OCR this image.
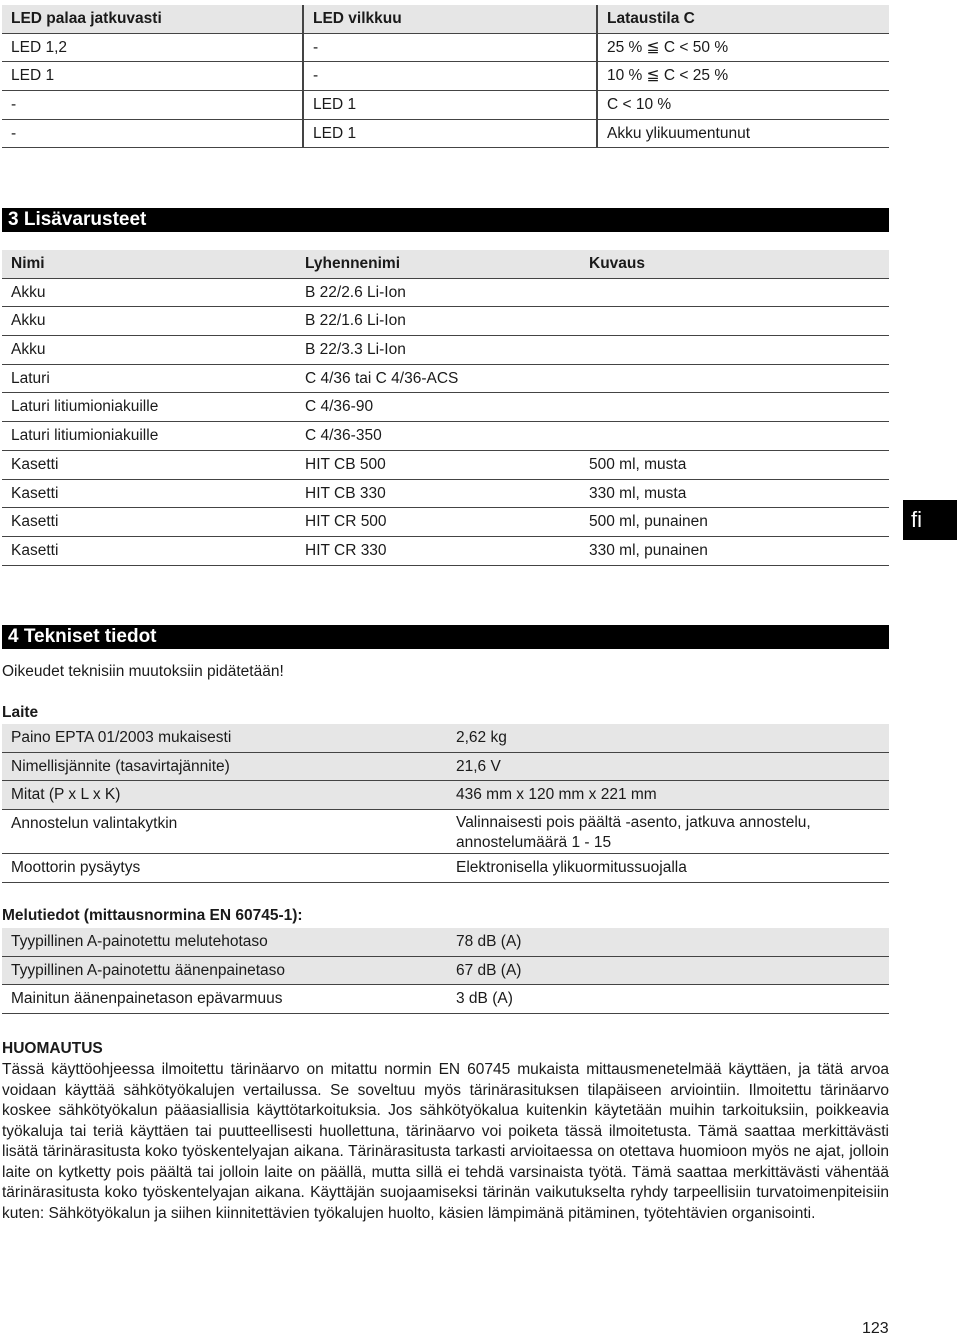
LED palaa jatkuvasti	LED vilkkuu	Lataustila C
LED 1,2	-	25 % ≦ C < 50 %
LED 1	-	10 % ≦ C < 25 %
-	LED 1	C < 10 %
-	LED 1	Akku ylikuumentunut
3 Lisävarusteet
Nimi	Lyhennenimi	Kuvaus
Akku	B 22/2.6 Li-Ion
Akku	B 22/1.6 Li-Ion
Akku	B 22/3.3 Li-Ion
Laturi	C 4/36 tai C 4/36-ACS
Laturi litiumioniakuille	C 4/36-90
Laturi litiumioniakuille	C 4/36-350
Kasetti	HIT CB 500	500 ml, musta
Kasetti	HIT CB 330	330 ml, musta
Kasetti	HIT CR 500	500 ml, punainen
Kasetti	HIT CR 330	330 ml, punainen
fi
4 Tekniset tiedot
Oikeudet teknisiin muutoksiin pidätetään!
Laite
Paino EPTA 01/2003 mukaisesti	2,62 kg
Nimellisjännite (tasavirtajännite)	21,6 V
Mitat (P x L x K)	436 mm x 120 mm x 221 mm
Annostelun valintakytkin	Valinnaisesti pois päältä -asento, jatkuva annostelu, annostelumäärä 1 - 15
Moottorin pysäytys	Elektronisella ylikuormitussuojalla
Melutiedot (mittausnormina EN 60745-1):
Tyypillinen A-painotettu melutehotaso	78 dB (A)
Tyypillinen A-painotettu äänenpainetaso	67 dB (A)
Mainitun äänenpainetason epävarmuus	3 dB (A)
HUOMAUTUS
Tässä käyttöohjeessa ilmoitettu tärinäarvo on mitattu normin EN 60745 mukaista mittausmenetelmää käyttäen, ja tätä arvoa voidaan käyttää sähkötyökalujen vertailussa. Se soveltuu myös tärinärasituksen tilapäiseen arviointiin. Ilmoitettu tärinäarvo koskee sähkötyökalun pääasiallisia käyttötarkoituksia. Jos sähkötyökalua kuitenkin käytetään muihin tarkoituksiin, poikkeavia työkaluja tai teriä käyttäen tai puutteellisesti huollettuna, tärinäarvo voi poiketa tässä ilmoitetusta. Tämä saattaa merkittävästi lisätä tärinärasitusta koko työskentelyajan aikana. Tärinärasitusta tarkasti arvioitaessa on otettava huomioon myös ne ajat, jolloin laite on kytketty pois päältä tai jolloin laite on päällä, mutta sillä ei tehdä varsinaista työtä. Tämä saattaa merkittävästi vähentää tärinärasitusta koko työskentelyajan aikana. Käyttäjän suojaamiseksi tärinän vaikutukselta ryhdy tarpeellisiin turvatoimenpiteisiin kuten: Sähkötyökalun ja siihen kiinnitettävien työkalujen huolto, käsien lämpimänä pitäminen, työtehtävien organisointi.
123
